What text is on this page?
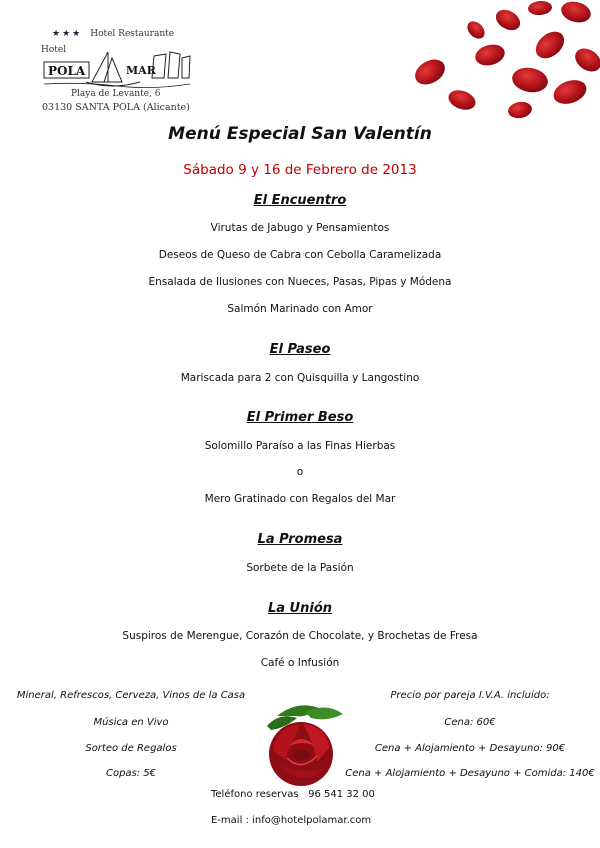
★★★ Hotel Restaurante
Hotel
POLA	MAR
Playa de Levante, 6
03130 SANTA POLA (Alicante)
Menú Especial San Valentín
Sábado 9 y 16 de Febrero de 2013
El Encuentro
Virutas de Jabugo y Pensamientos
Deseos de Queso de Cabra con Cebolla Caramelizada
Ensalada de Ilusiones con Nueces, Pasas, Pipas y Módena
Salmón Marinado con Amor
El Paseo
Mariscada para 2 con Quisquilla y Langostino
El Primer Beso
Solomillo Paraíso a las Finas Hierbas
o
Mero Gratinado con Regalos del Mar
La Promesa
Sorbete de la Pasión
La Unión
Suspiros de Merengue, Corazón de Chocolate, y Brochetas de Fresa
Café o Infusión
Mineral, Refrescos, Cerveza, Vinos de la Casa
Música en Vivo
Sorteo de Regalos
Copas: 5€
Precio por pareja I.V.A. incluido:
Cena: 60€
Cena + Alojamiento + Desayuno: 90€
Cena + Alojamiento + Desayuno + Comida: 140€
Teléfono reservas   96 541 32 00
E-mail : info@hotelpolamar.com
